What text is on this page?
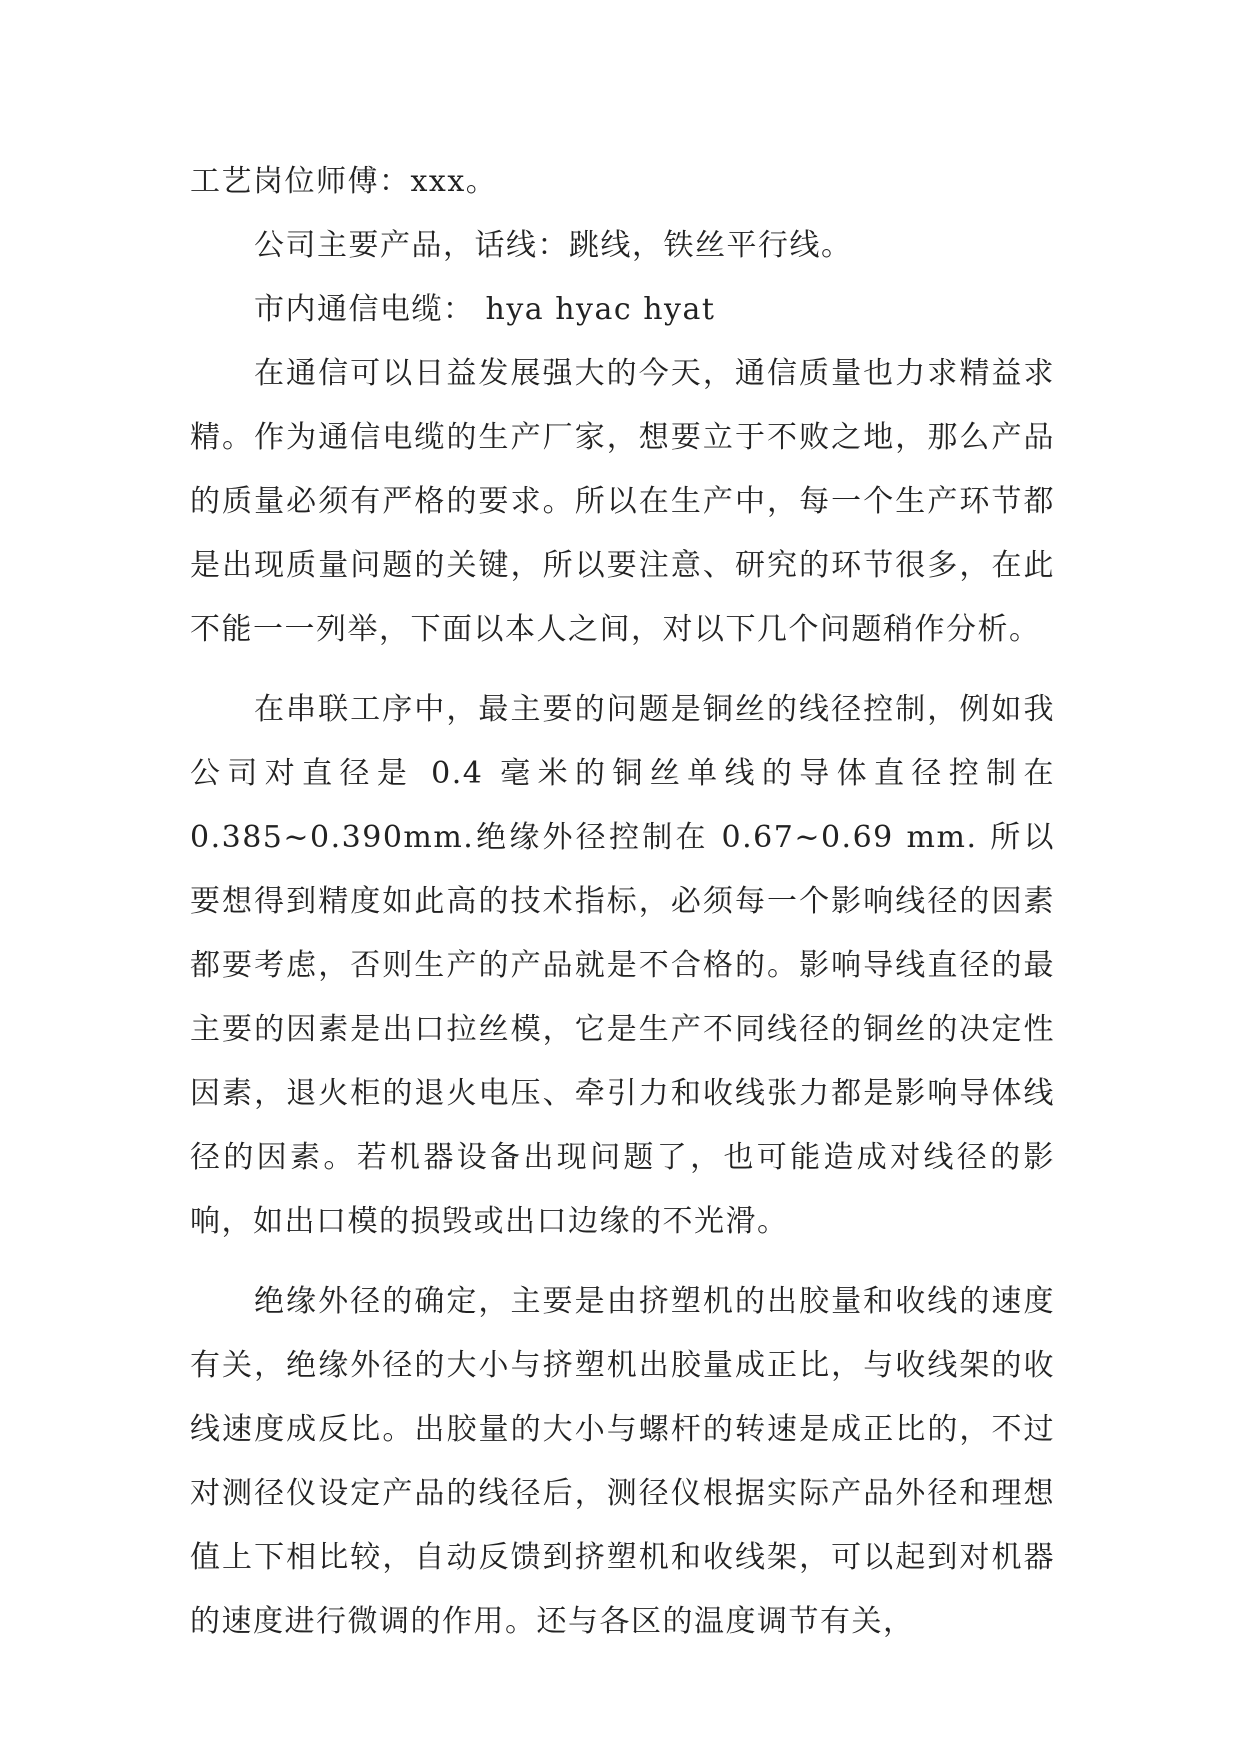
工艺岗位师傅：xxx。

公司主要产品，话线：跳线，铁丝平行线。

市内通信电缆： hya hyac hyat

在通信可以日益发展强大的今天，通信质量也力求精益求精。作为通信电缆的生产厂家，想要立于不败之地，那么产品的质量必须有严格的要求。所以在生产中，每一个生产环节都是出现质量问题的关键，所以要注意、研究的环节很多，在此不能一一列举，下面以本人之间，对以下几个问题稍作分析。

在串联工序中，最主要的问题是铜丝的线径控制，例如我公司对直径是 0.4 毫米的铜丝单线的导体直径控制在 0.385~0.390mm.绝缘外径控制在 0.67~0.69 mm. 所以要想得到精度如此高的技术指标，必须每一个影响线径的因素都要考虑，否则生产的产品就是不合格的。影响导线直径的最主要的因素是出口拉丝模，它是生产不同线径的铜丝的决定性因素，退火柜的退火电压、牵引力和收线张力都是影响导体线径的因素。若机器设备出现问题了，也可能造成对线径的影响，如出口模的损毁或出口边缘的不光滑。

绝缘外径的确定，主要是由挤塑机的出胶量和收线的速度有关，绝缘外径的大小与挤塑机出胶量成正比，与收线架的收线速度成反比。出胶量的大小与螺杆的转速是成正比的，不过对测径仪设定产品的线径后，测径仪根据实际产品外径和理想值上下相比较，自动反馈到挤塑机和收线架，可以起到对机器的速度进行微调的作用。还与各区的温度调节有关，
